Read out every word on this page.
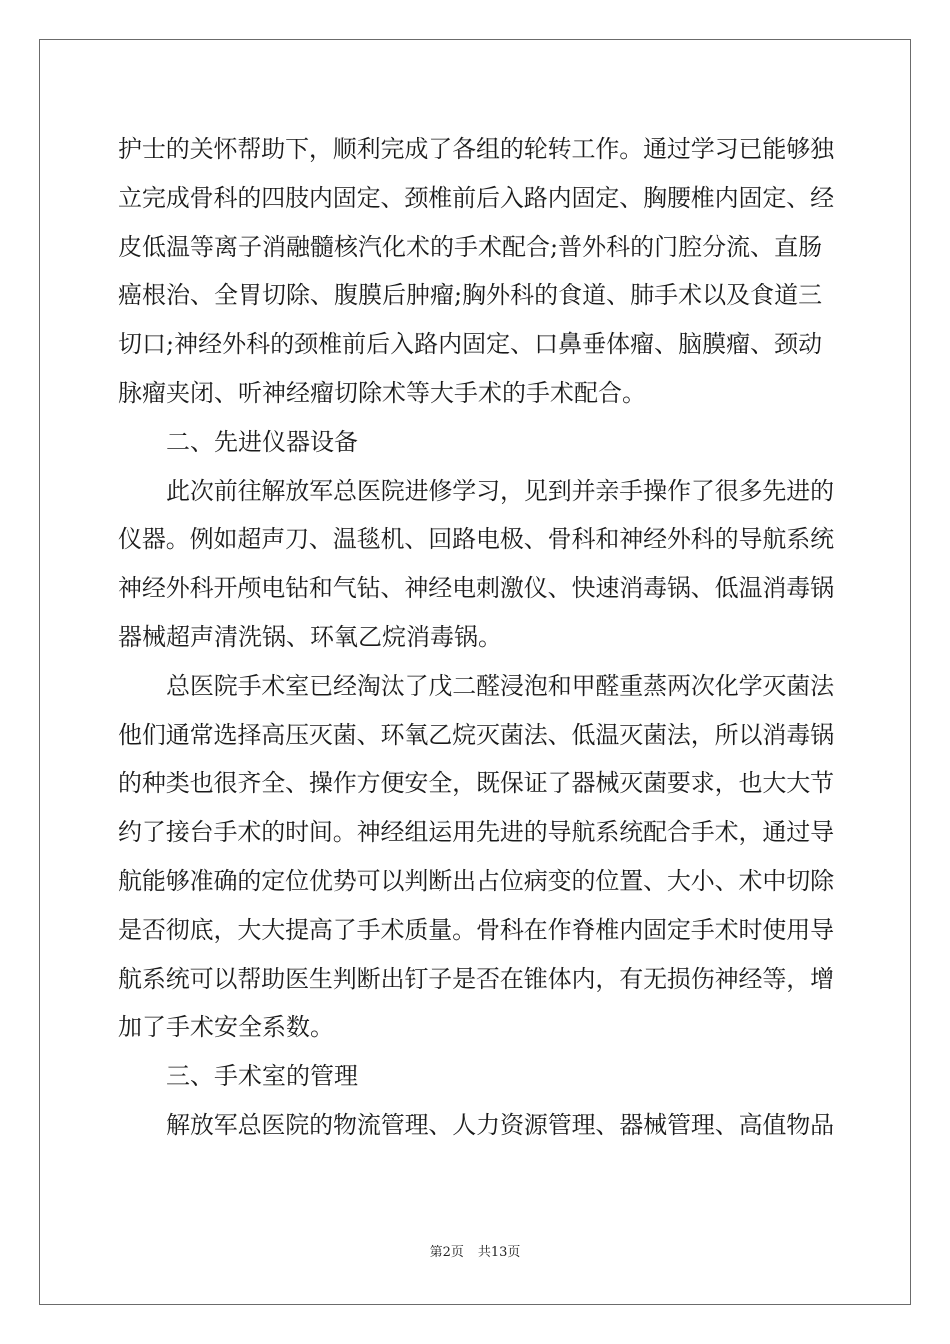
护士的关怀帮助下，顺利完成了各组的轮转工作。通过学习已能够独
立完成骨科的四肢内固定、颈椎前后入路内固定、胸腰椎内固定、经
皮低温等离子消融髓核汽化术的手术配合;普外科的门腔分流、直肠
癌根治、全胃切除、腹膜后肿瘤;胸外科的食道、肺手术以及食道三
切口;神经外科的颈椎前后入路内固定、口鼻垂体瘤、脑膜瘤、颈动
脉瘤夹闭、听神经瘤切除术等大手术的手术配合。
二、先进仪器设备
此次前往解放军总医院进修学习，见到并亲手操作了很多先进的
仪器。例如超声刀、温毯机、回路电极、骨科和神经外科的导航系统
神经外科开颅电钻和气钻、神经电刺激仪、快速消毒锅、低温消毒锅
器械超声清洗锅、环氧乙烷消毒锅。
总医院手术室已经淘汰了戊二醛浸泡和甲醛重蒸两次化学灭菌法
他们通常选择高压灭菌、环氧乙烷灭菌法、低温灭菌法，所以消毒锅
的种类也很齐全、操作方便安全，既保证了器械灭菌要求，也大大节
约了接台手术的时间。神经组运用先进的导航系统配合手术，通过导
航能够准确的定位优势可以判断出占位病变的位置、大小、术中切除
是否彻底，大大提高了手术质量。骨科在作脊椎内固定手术时使用导
航系统可以帮助医生判断出钉子是否在锥体内，有无损伤神经等，增
加了手术安全系数。
三、手术室的管理
解放军总医院的物流管理、人力资源管理、器械管理、高值物品
第2页 共13页
